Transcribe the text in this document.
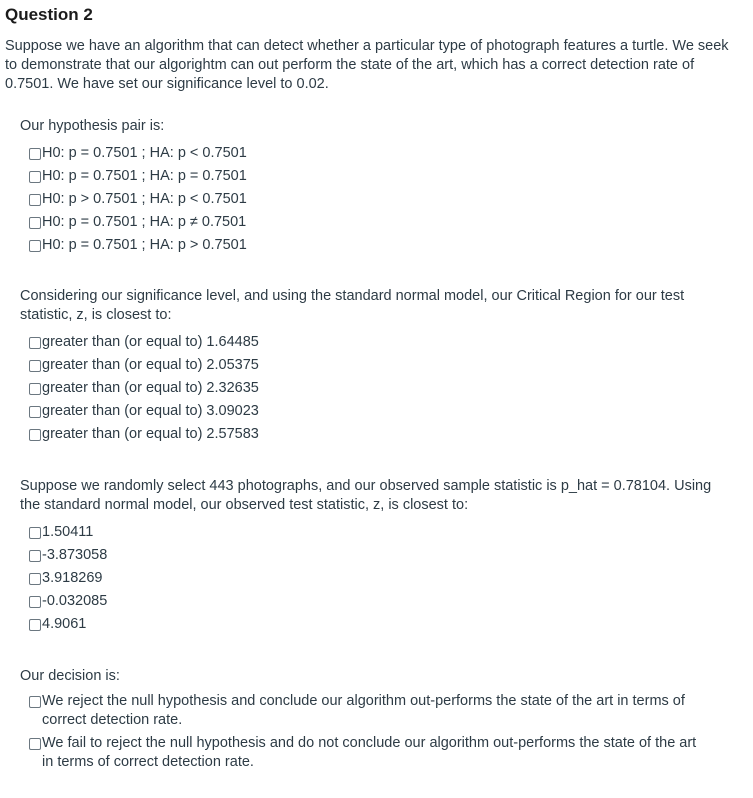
Question 2
Suppose we have an algorithm that can detect whether a particular type of photograph features a turtle. We seek to demonstrate that our algorightm can out perform the state of the art, which has a correct detection rate of 0.7501. We have set our significance level to 0.02.
Our hypothesis pair is:
H0: p = 0.7501 ; HA: p < 0.7501
H0: p = 0.7501 ; HA: p = 0.7501
H0: p > 0.7501 ; HA: p < 0.7501
H0: p = 0.7501 ; HA: p ≠ 0.7501
H0: p = 0.7501 ; HA: p > 0.7501
Considering our significance level, and using the standard normal model, our Critical Region for our test statistic, z, is closest to:
greater than (or equal to) 1.64485
greater than (or equal to) 2.05375
greater than (or equal to) 2.32635
greater than (or equal to) 3.09023
greater than (or equal to) 2.57583
Suppose we randomly select 443 photographs, and our observed sample statistic is p_hat = 0.78104. Using the standard normal model, our observed test statistic, z, is closest to:
1.50411
-3.873058
3.918269
-0.032085
4.9061
Our decision is:
We reject the null hypothesis and conclude our algorithm out-performs the state of the art in terms of correct detection rate.
We fail to reject the null hypothesis and do not conclude our algorithm out-performs the state of the art in terms of correct detection rate.
